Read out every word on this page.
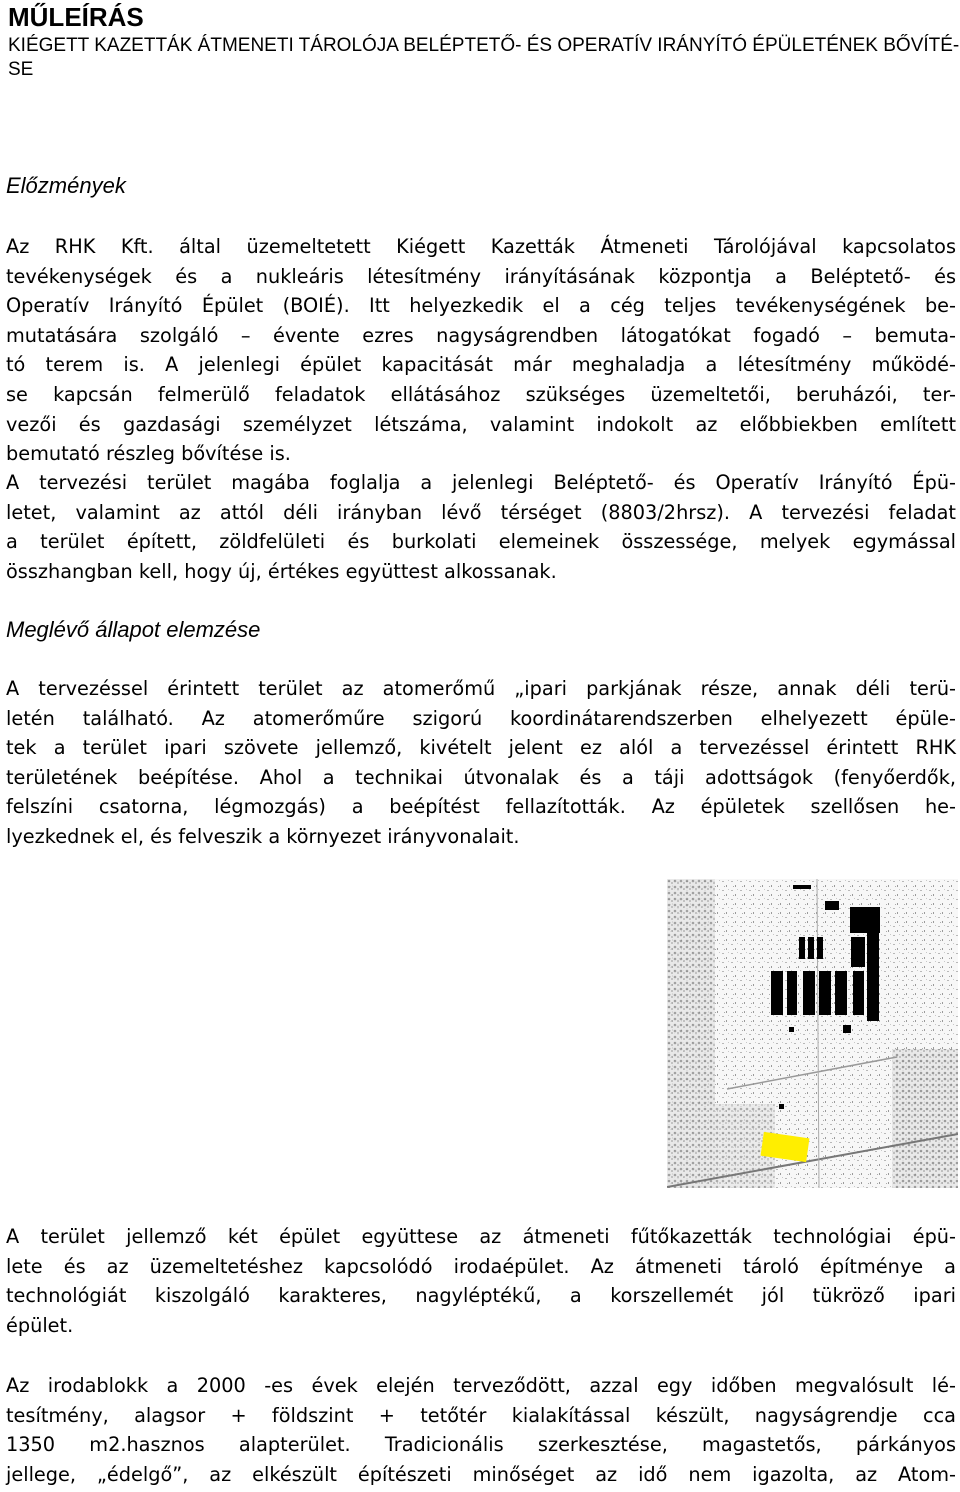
MŰLEÍRÁS
KIÉGETT KAZETTÁK ÁTMENETI TÁROLÓJA BELÉPTETŐ- ÉS OPERATÍV IRÁNYÍTÓ ÉPÜLETÉNEK BŐVÍTÉ-
SE
Előzmények
Az RHK Kft. által üzemeltetett Kiégett Kazetták Átmeneti Tárolójával kapcsolatos
tevékenységek és a nukleáris létesítmény irányításának központja a Beléptető- és
Operatív Irányító Épület (BOIÉ). Itt helyezkedik el a cég teljes tevékenységének be-
mutatására szolgáló – évente ezres nagyságrendben látogatókat fogadó – bemuta-
tó terem is. A jelenlegi épület kapacitását már meghaladja a létesítmény működé-
se kapcsán felmerülő feladatok ellátásához szükséges üzemeltetői, beruházói, ter-
vezői és gazdasági személyzet létszáma, valamint indokolt az előbbiekben említett
bemutató részleg bővítése is.
A tervezési terület magába foglalja a jelenlegi Beléptető- és Operatív Irányító Épü-
letet, valamint az attól déli irányban lévő térséget (8803/2hrsz). A tervezési feladat
a terület épített, zöldfelületi és burkolati elemeinek összessége, melyek egymással
összhangban kell, hogy új, értékes együttest alkossanak.
Meglévő állapot elemzése
A tervezéssel érintett terület az atomerőmű „ipari parkjának része, annak déli terü-
letén található. Az atomerőműre szigorú koordinátarendszerben elhelyezett épüle-
tek a terület ipari szövete jellemző, kivételt jelent ez alól a tervezéssel érintett RHK
területének beépítése. Ahol a technikai útvonalak és a táji adottságok (fenyőerdők,
felszíni csatorna, légmozgás) a beépítést fellazították. Az épületek szellősen he-
lyezkednek el, és felveszik a környezet irányvonalait.
A terület jellemző két épület együttese az átmeneti fűtőkazetták technológiai épü-
lete és az üzemeltetéshez kapcsolódó irodaépület. Az átmeneti tároló építménye a
technológiát kiszolgáló karakteres, nagyléptékű, a korszellemét jól tükröző ipari
épület.
Az irodablokk a 2000 -es évek elején terveződött, azzal egy időben megvalósult lé-
tesítmény, alagsor + földszint + tetőtér kialakítással készült, nagyságrendje cca
1350 m2.hasznos alapterület. Tradicionális szerkesztése, magastetős, párkányos
jellege, „édelgő”, az elkészült építészeti minőséget az idő nem igazolta, az Atom-
